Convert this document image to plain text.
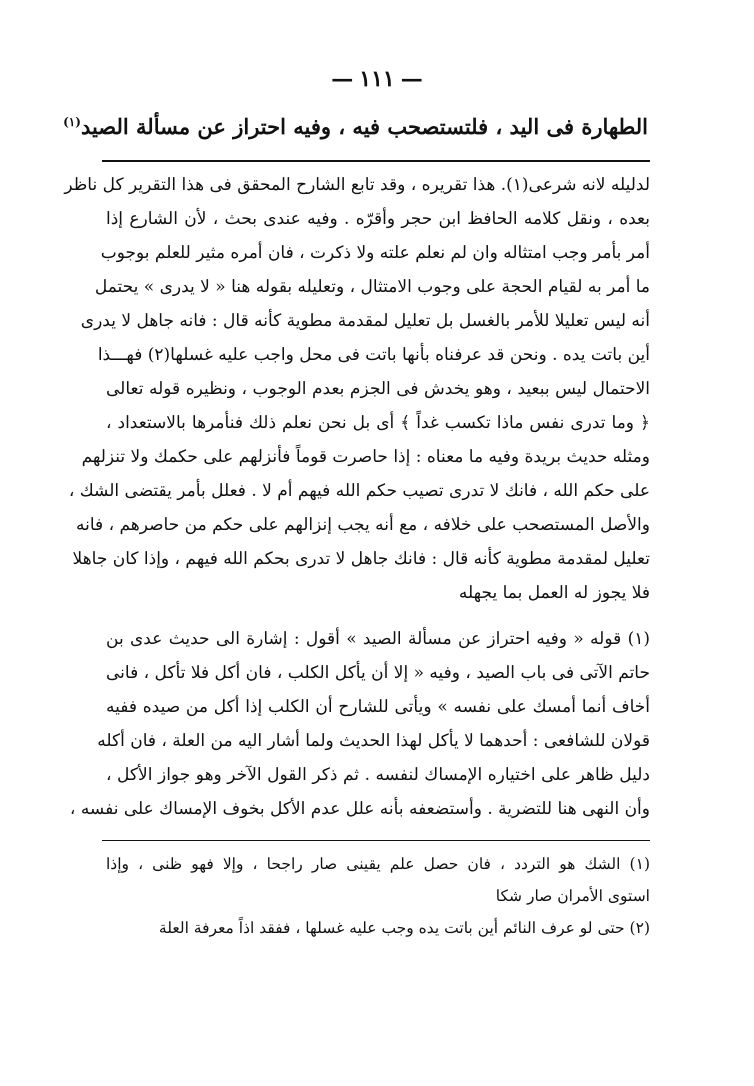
—١١١—
الطهارة فى اليد ، فلتستصحب فيه ، وفيه احتراز عن مسألة الصيد$^{(١)}$
لدليله لانه شرعى(١). هذا تقريره ، وقد تابع الشارح المحقق فى هذا التقرير كل ناظر
بعده ، ونقل كلامه الحافظ ابن حجر وأقرّه . وفيه عندى بحث ، لأن الشارع إذا
أمر بأمر وجب امتثاله وان لم نعلم علته ولا ذكرت ، فان أمره مثير للعلم بوجوب
ما أمر به لقيام الحجة على وجوب الامتثال ، وتعليله بقوله هنا « لا يدرى » يحتمل
أنه ليس تعليلا للأمر بالغسل بل تعليل لمقدمة مطوية كأنه قال : فانه جاهل لا يدرى
أين باتت يده . ونحن قد عرفناه بأنها باتت فى محل واجب عليه غسلها(٢) فهـــذا
الاحتمال ليس ببعيد ، وهو يخدش فى الجزم بعدم الوجوب ، ونظيره قوله تعالى
﴿ وما تدرى نفس ماذا تكسب غداً ﴾ أى بل نحن نعلم ذلك فنأمرها بالاستعداد ،
ومثله حديث بريدة وفيه ما معناه : إذا حاصرت قوماً فأنزلهم على حكمك ولا تنزلهم
على حكم الله ، فانك لا تدرى تصيب حكم الله فيهم أم لا . فعلل بأمر يقتضى الشك ،
والأصل المستصحب على خلافه ، مع أنه يجب إنزالهم على حكم من حاصرهم ، فانه
تعليل لمقدمة مطوية كأنه قال : فانك جاهل لا تدرى بحكم الله فيهم ، وإذا كان جاهلا
فلا يجوز له العمل بما يجهله
(١) قوله « وفيه احتراز عن مسألة الصيد » أقول : إشارة الى حديث عدى بن
حاتم الآتى فى باب الصيد ، وفيه « إلا أن يأكل الكلب ، فان أكل فلا تأكل ، فانى
أخاف أنما أمسك على نفسه » ويأتى للشارح أن الكلب إذا أكل من صيده ففيه
قولان للشافعى : أحدهما لا يأكل لهذا الحديث ولما أشار اليه من العلة ، فان أكله
دليل ظاهر على اختياره الإمساك لنفسه . ثم ذكر القول الآخر وهو جواز الأكل ،
وأن النهى هنا للتضرية . وأستضعفه بأنه علل عدم الأكل بخوف الإمساك على نفسه ،
(١) الشك هو التردد ، فان حصل علم يقينى صار راجحا ، وإلا فهو ظنى ، وإذا
استوى الأمران صار شكا
(٢) حتى لو عرف النائم أين باتت يده وجب عليه غسلها ، ففقد اذاً معرفة العلة
